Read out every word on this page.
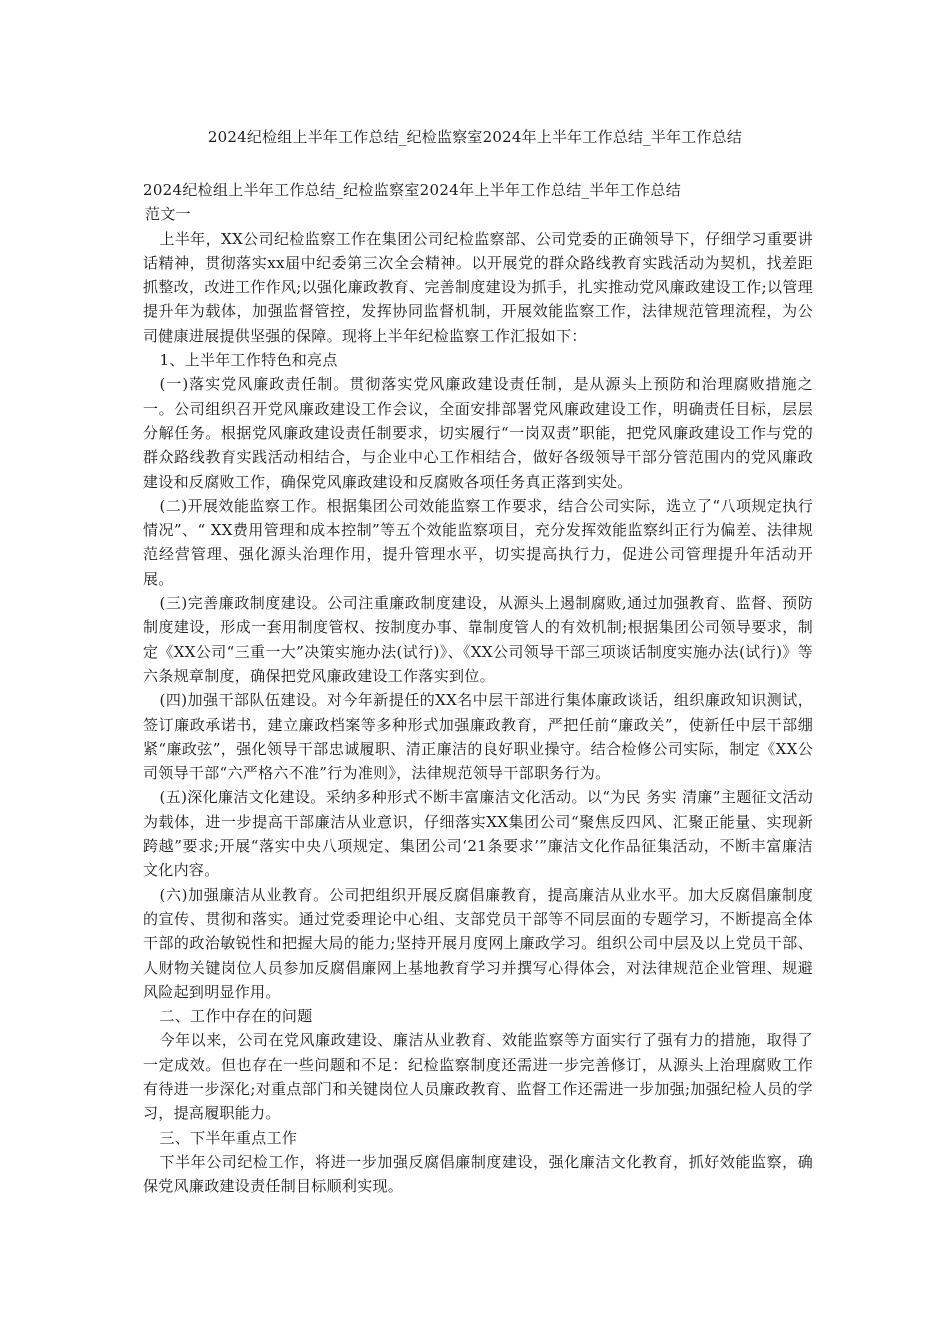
2024纪检组上半年工作总结_纪检监察室2024年上半年工作总结_半年工作总结

2024纪检组上半年工作总结_纪检监察室2024年上半年工作总结_半年工作总结

范文一

上半年，XX公司纪检监察工作在集团公司纪检监察部、公司党委的正确领导下，仔细学习重要讲话精神，贯彻落实xx届中纪委第三次全会精神。以开展党的群众路线教育实践活动为契机，找差距抓整改，改进工作作风;以强化廉政教育、完善制度建设为抓手，扎实推动党风廉政建设工作;以管理提升年为载体，加强监督管控，发挥协同监督机制，开展效能监察工作，法律规范管理流程，为公司健康进展提供坚强的保障。现将上半年纪检监察工作汇报如下：

1、上半年工作特色和亮点

(一)落实党风廉政责任制。贯彻落实党风廉政建设责任制，是从源头上预防和治理腐败措施之一。公司组织召开党风廉政建设工作会议，全面安排部署党风廉政建设工作，明确责任目标，层层分解任务。根据党风廉政建设责任制要求，切实履行“一岗双责”职能，把党风廉政建设工作与党的群众路线教育实践活动相结合，与企业中心工作相结合，做好各级领导干部分管范围内的党风廉政建设和反腐败工作，确保党风廉政建设和反腐败各项任务真正落到实处。

(二)开展效能监察工作。根据集团公司效能监察工作要求，结合公司实际，选立了“八项规定执行情况”、“ XX费用管理和成本控制”等五个效能监察项目，充分发挥效能监察纠正行为偏差、法律规范经营管理、强化源头治理作用，提升管理水平，切实提高执行力，促进公司管理提升年活动开展。

(三)完善廉政制度建设。公司注重廉政制度建设，从源头上遏制腐败,通过加强教育、监督、预防制度建设，形成一套用制度管权、按制度办事、靠制度管人的有效机制;根据集团公司领导要求，制定《XX公司“三重一大”决策实施办法(试行)》、《XX公司领导干部三项谈话制度实施办法(试行)》等六条规章制度，确保把党风廉政建设工作落实到位。

(四)加强干部队伍建设。对今年新提任的XX名中层干部进行集体廉政谈话，组织廉政知识测试，签订廉政承诺书，建立廉政档案等多种形式加强廉政教育，严把任前“廉政关”，使新任中层干部绷紧“廉政弦”，强化领导干部忠诚履职、清正廉洁的良好职业操守。结合检修公司实际，制定《XX公司领导干部“六严格六不准”行为准则》，法律规范领导干部职务行为。

(五)深化廉洁文化建设。采纳多种形式不断丰富廉洁文化活动。以“为民 务实 清廉”主题征文活动为载体，进一步提高干部廉洁从业意识，仔细落实XX集团公司“聚焦反四风、汇聚正能量、实现新跨越”要求;开展“落实中央八项规定、集团公司‘21条要求’”廉洁文化作品征集活动，不断丰富廉洁文化内容。

(六)加强廉洁从业教育。公司把组织开展反腐倡廉教育，提高廉洁从业水平。加大反腐倡廉制度的宣传、贯彻和落实。通过党委理论中心组、支部党员干部等不同层面的专题学习，不断提高全体干部的政治敏锐性和把握大局的能力;坚持开展月度网上廉政学习。组织公司中层及以上党员干部、人财物关键岗位人员参加反腐倡廉网上基地教育学习并撰写心得体会，对法律规范企业管理、规避风险起到明显作用。

二、工作中存在的问题

今年以来，公司在党风廉政建设、廉洁从业教育、效能监察等方面实行了强有力的措施，取得了一定成效。但也存在一些问题和不足：纪检监察制度还需进一步完善修订，从源头上治理腐败工作有待进一步深化;对重点部门和关键岗位人员廉政教育、监督工作还需进一步加强;加强纪检人员的学习，提高履职能力。

三、下半年重点工作

下半年公司纪检工作，将进一步加强反腐倡廉制度建设，强化廉洁文化教育，抓好效能监察，确保党风廉政建设责任制目标顺利实现。
